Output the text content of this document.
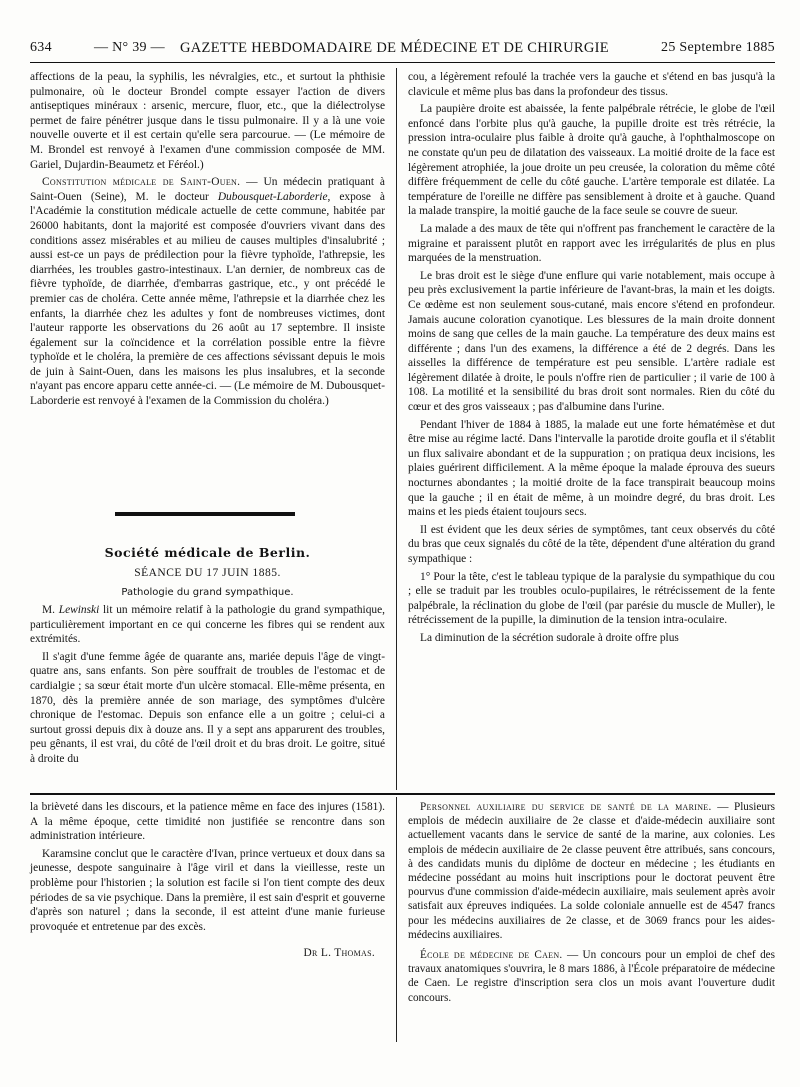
634	— N° 39 — GAZETTE HEBDOMADAIRE DE MÉDECINE ET DE CHIRURGIE	25 Septembre 1885

affections de la peau, la syphilis, les névralgies, etc., et surtout la phthisie pulmonaire, où le docteur Brondel compte essayer l'action de divers antiseptiques minéraux : arsenic, mercure, fluor, etc., que la diélectrolyse permet de faire pénétrer jusque dans le tissu pulmonaire. Il y a là une voie nouvelle ouverte et il est certain qu'elle sera parcourue. — (Le mémoire de M. Brondel est renvoyé à l'examen d'une commission composée de MM. Gariel, Dujardin-Beaumetz et Féréol.)

Constitution médicale de Saint-Ouen. — Un médecin pratiquant à Saint-Ouen (Seine), M. le docteur Dubousquet-Laborderie, expose à l'Académie la constitution médicale actuelle de cette commune, habitée par 26000 habitants, dont la majorité est composée d'ouvriers vivant dans des conditions assez misérables et au milieu de causes multiples d'insalubrité ; aussi est-ce un pays de prédilection pour la fièvre typhoïde, l'athrepsie, les diarrhées, les troubles gastro-intestinaux. L'an dernier, de nombreux cas de fièvre typhoïde, de diarrhée, d'embarras gastrique, etc., y ont précédé le premier cas de choléra. Cette année même, l'athrepsie et la diarrhée chez les enfants, la diarrhée chez les adultes y font de nombreuses victimes, dont l'auteur rapporte les observations du 26 août au 17 septembre. Il insiste également sur la coïncidence et la corrélation possible entre la fièvre typhoïde et le choléra, la première de ces affections sévissant depuis le mois de juin à Saint-Ouen, dans les maisons les plus insalubres, et la seconde n'ayant pas encore apparu cette année-ci. — (Le mémoire de M. Dubousquet-Laborderie est renvoyé à l'examen de la Commission du choléra.)

Société médicale de Berlin.
SÉANCE DU 17 JUIN 1885.
Pathologie du grand sympathique.

M. Lewinski lit un mémoire relatif à la pathologie du grand sympathique, particulièrement important en ce qui concerne les fibres qui se rendent aux extrémités.

Il s'agit d'une femme âgée de quarante ans, mariée depuis l'âge de vingt-quatre ans, sans enfants. Son père souffrait de troubles de l'estomac et de cardialgie ; sa sœur était morte d'un ulcère stomacal. Elle-même présenta, en 1870, dès la première année de son mariage, des symptômes d'ulcère chronique de l'estomac. Depuis son enfance elle a un goitre ; celui-ci a surtout grossi depuis dix à douze ans. Il y a sept ans apparurent des troubles, peu gênants, il est vrai, du côté de l'œil droit et du bras droit. Le goitre, situé à droite du

cou, a légèrement refoulé la trachée vers la gauche et s'étend en bas jusqu'à la clavicule et même plus bas dans la profondeur des tissus.

La paupière droite est abaissée, la fente palpébrale rétrécie, le globe de l'œil enfoncé dans l'orbite plus qu'à gauche, la pupille droite est très rétrécie, la pression intra-oculaire plus faible à droite qu'à gauche, à l'ophthalmoscope on ne constate qu'un peu de dilatation des vaisseaux. La moitié droite de la face est légèrement atrophiée, la joue droite un peu creusée, la coloration du même côté diffère fréquemment de celle du côté gauche. L'artère temporale est dilatée. La température de l'oreille ne diffère pas sensiblement à droite et à gauche. Quand la malade transpire, la moitié gauche de la face seule se couvre de sueur.

La malade a des maux de tête qui n'offrent pas franchement le caractère de la migraine et paraissent plutôt en rapport avec les irrégularités de plus en plus marquées de la menstruation.

Le bras droit est le siège d'une enflure qui varie notablement, mais occupe à peu près exclusivement la partie inférieure de l'avant-bras, la main et les doigts. Ce œdème est non seulement sous-cutané, mais encore s'étend en profondeur. Jamais aucune coloration cyanotique. Les blessures de la main droite donnent moins de sang que celles de la main gauche. La température des deux mains est différente ; dans l'un des examens, la différence a été de 2 degrés. Dans les aisselles la différence de température est peu sensible. L'artère radiale est légèrement dilatée à droite, le pouls n'offre rien de particulier ; il varie de 100 à 108. La motilité et la sensibilité du bras droit sont normales. Rien du côté du cœur et des gros vaisseaux ; pas d'albumine dans l'urine.

Pendant l'hiver de 1884 à 1885, la malade eut une forte hématémèse et dut être mise au régime lacté. Dans l'intervalle la parotide droite goufla et il s'établit un flux salivaire abondant et de la suppuration ; on pratiqua deux incisions, les plaies guérirent difficilement. A la même époque la malade éprouva des sueurs nocturnes abondantes ; la moitié droite de la face transpirait beaucoup moins que la gauche ; il en était de même, à un moindre degré, du bras droit. Les mains et les pieds étaient toujours secs.

Il est évident que les deux séries de symptômes, tant ceux observés du côté du bras que ceux signalés du côté de la tête, dépendent d'une altération du grand sympathique :

1° Pour la tête, c'est le tableau typique de la paralysie du sympathique du cou ; elle se traduit par les troubles oculo-pupilaires, le rétrécissement de la fente palpébrale, la réclination du globe de l'œil (par parésie du muscle de Muller), le rétrécissement de la pupille, la diminution de la tension intra-oculaire.

La diminution de la sécrétion sudorale à droite offre plus

la brièveté dans les discours, et la patience même en face des injures (1581). A la même époque, cette timidité non justifiée se rencontre dans son administration intérieure.

Karamsine conclut que le caractère d'Ivan, prince vertueux et doux dans sa jeunesse, despote sanguinaire à l'âge viril et dans la vieillesse, reste un problème pour l'historien ; la solution est facile si l'on tient compte des deux périodes de sa vie psychique. Dans la première, il est sain d'esprit et gouverne d'après son naturel ; dans la seconde, il est atteint d'une manie furieuse provoquée et entretenue par des excès.

Dr L. Thomas.

Personnel auxiliaire du service de santé de la marine. — Plusieurs emplois de médecin auxiliaire de 2e classe et d'aide-médecin auxiliaire sont actuellement vacants dans le service de santé de la marine, aux colonies. Les emplois de médecin auxiliaire de 2e classe peuvent être attribués, sans concours, à des candidats munis du diplôme de docteur en médecine ; les étudiants en médecine possédant au moins huit inscriptions pour le doctorat peuvent être pourvus d'une commission d'aide-médecin auxiliaire, mais seulement après avoir satisfait aux épreuves indiquées. La solde coloniale annuelle est de 4547 francs pour les médecins auxiliaires de 2e classe, et de 3069 francs pour les aides-médecins auxiliaires.

École de médecine de Caen. — Un concours pour un emploi de chef des travaux anatomiques s'ouvrira, le 8 mars 1886, à l'École préparatoire de médecine de Caen. Le registre d'inscription sera clos un mois avant l'ouverture dudit concours.
